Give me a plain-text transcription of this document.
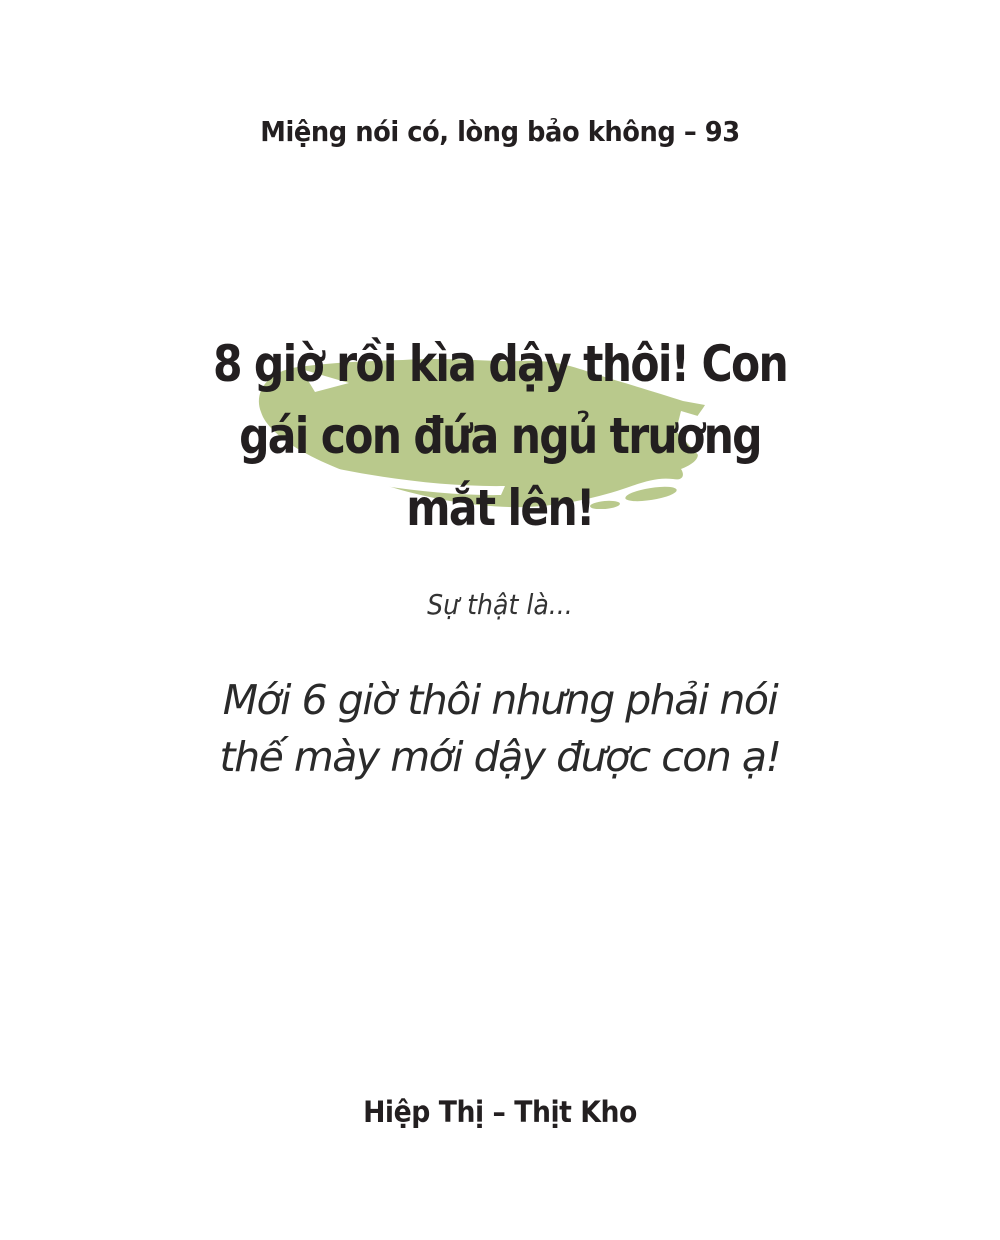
Miệng nói có, lòng bảo không – 93
8 giờ rồi kìa dậy thôi! Con
gái con đứa ngủ trương
mắt lên!
Sự thật là...
Mới 6 giờ thôi nhưng phải nói
thế mày mới dậy được con ạ!
Hiệp Thị – Thịt Kho
